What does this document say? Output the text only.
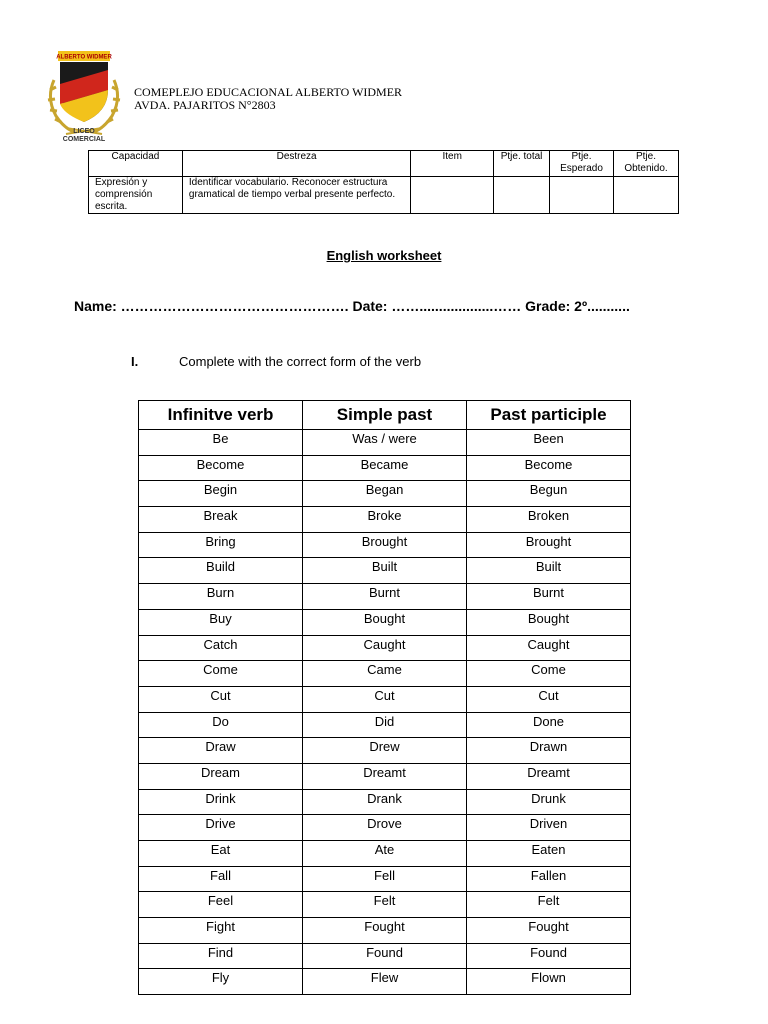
ALBERTO WIDMER
LICEO
COMERCIAL
COMEPLEJO EDUCACIONAL ALBERTO WIDMER
AVDA. PAJARITOS N°2803
Capacidad	Destreza	Item	Ptje. total	Ptje. Esperado	Ptje. Obtenido.
Expresión y comprensión escrita.	Identificar vocabulario. Reconocer estructura gramatical de tiempo verbal presente perfecto.				
English worksheet
Name: …………………………………………. Date: ……...................…… Grade: 2º...........
I.	Complete with the correct form of the verb
Infinitve verb	Simple past	Past participle
Be	Was / were	Been
Become	Became	Become
Begin	Began	Begun
Break	Broke	Broken
Bring	Brought	Brought
Build	Built	Built
Burn	Burnt	Burnt
Buy	Bought	Bought
Catch	Caught	Caught
Come	Came	Come
Cut	Cut	Cut
Do	Did	Done
Draw	Drew	Drawn
Dream	Dreamt	Dreamt
Drink	Drank	Drunk
Drive	Drove	Driven
Eat	Ate	Eaten
Fall	Fell	Fallen
Feel	Felt	Felt
Fight	Fought	Fought
Find	Found	Found
Fly	Flew	Flown
